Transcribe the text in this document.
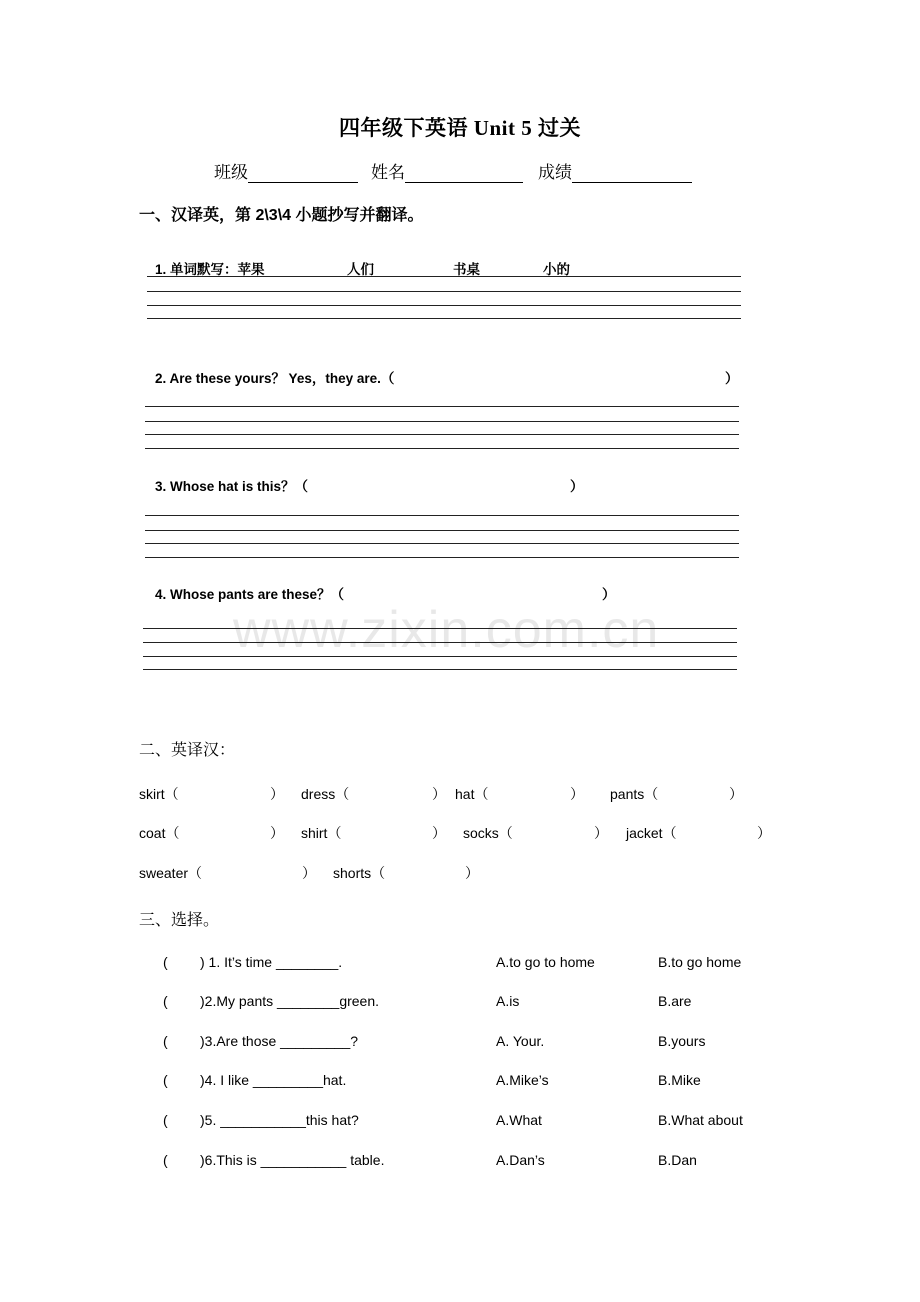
www.zixin.com.cn
四年级下英语 Unit 5 过关
班级	姓名	成绩
一、汉译英，第 2\3\4 小题抄写并翻译。
1. 单词默写：苹果	人们	书桌	小的
2. Are these yours？ Yes，they are.（	）
3. Whose hat is this？（	）
4. Whose pants are these？（	）
二、英译汉：
skirt（	） dress（	） hat（	） pants（	）
coat（	） shirt（	） socks（	） jacket（	）
sweater（	） shorts（	）
三、选择。
( ) 1. It’s time ________.	A.to go to home	B.to go home
( )2.My pants ________green.	A.is	B.are
( )3.Are those _________?	A. Your.	B.yours
( )4. I like _________hat.	A.Mike’s	B.Mike
( )5. ___________this hat?	A.What	B.What about
( )6.This is ___________ table.	A.Dan’s	B.Dan
